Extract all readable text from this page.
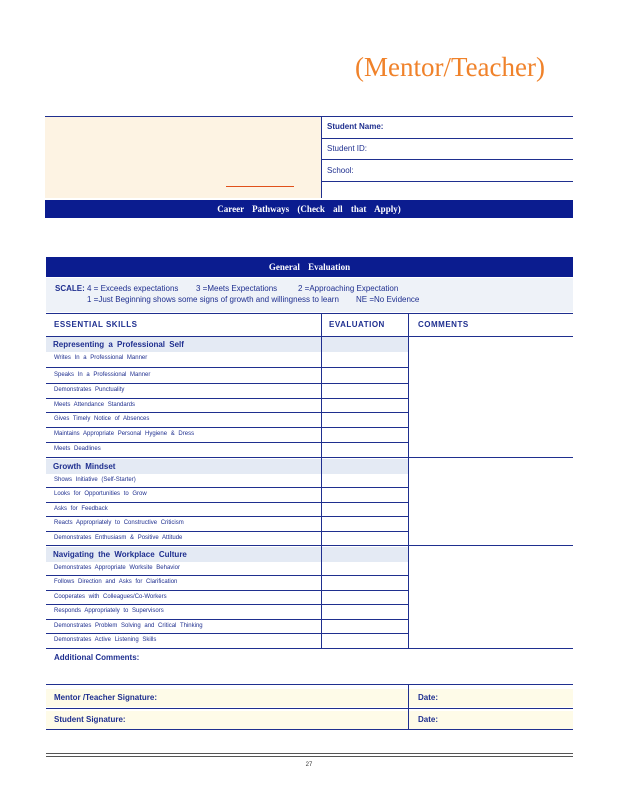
(Mentor/Teacher)
Student Name:
Student ID:
School:
Career Pathways (Check all that Apply)
General Evaluation
SCALE: 4 = Exceeds expectations 3 =Meets Expectations	2 =Approaching Expectation
1 =Just Beginning shows some signs of growth and willingness to learn NE =No Evidence
ESSENTIAL SKILLS	EVALUATION	COMMENTS
Representing a Professional Self
Writes In a Professional Manner
Speaks In a Professional Manner
Demonstrates Punctuality
Meets Attendance Standards
Gives Timely Notice of Absences
Maintains Appropriate Personal Hygiene & Dress
Meets Deadlines
Growth Mindset
Shows Initiative (Self-Starter)
Looks for Opportunities to Grow
Asks for Feedback
Reacts Appropriately to Constructive Criticism
Demonstrates Enthusiasm & Positive Attitude
Navigating the Workplace Culture
Demonstrates Appropriate Worksite Behavior
Follows Direction and Asks for Clarification
Cooperates with Colleagues/Co-Workers
Responds Appropriately to Supervisors
Demonstrates Problem Solving and Critical Thinking
Demonstrates Active Listening Skills
Additional Comments:
Mentor /Teacher Signature:	Date:
Student Signature:	Date:
27
